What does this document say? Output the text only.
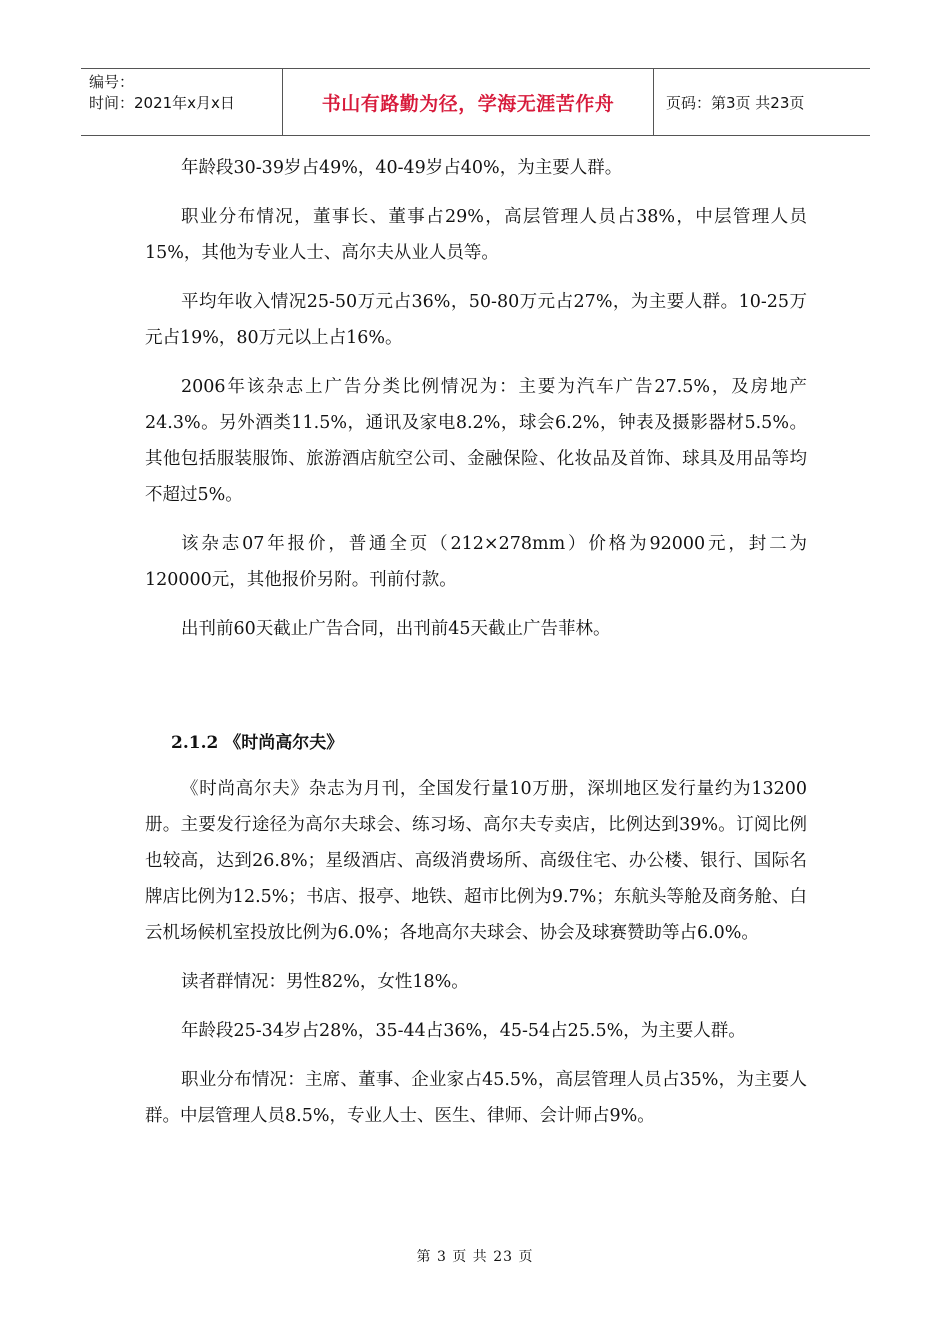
编号：
时间：2021年x月x日	书山有路勤为径，学海无涯苦作舟	页码：第3页 共23页

年龄段30-39岁占49%，40-49岁占40%，为主要人群。

职业分布情况，董事长、董事占29%，高层管理人员占38%，中层管理人员15%，其他为专业人士、高尔夫从业人员等。

平均年收入情况25-50万元占36%，50-80万元占27%，为主要人群。10-25万元占19%，80万元以上占16%。

2006年该杂志上广告分类比例情况为：主要为汽车广告27.5%，及房地产24.3%。另外酒类11.5%，通讯及家电8.2%，球会6.2%，钟表及摄影器材5.5%。其他包括服装服饰、旅游酒店航空公司、金融保险、化妆品及首饰、球具及用品等均不超过5%。

该杂志07年报价，普通全页（212×278mm）价格为92000元，封二为120000元，其他报价另附。刊前付款。

出刊前60天截止广告合同，出刊前45天截止广告菲林。

2.1.2 《时尚高尔夫》

《时尚高尔夫》杂志为月刊，全国发行量10万册，深圳地区发行量约为13200册。主要发行途径为高尔夫球会、练习场、高尔夫专卖店，比例达到39%。订阅比例也较高，达到26.8%；星级酒店、高级消费场所、高级住宅、办公楼、银行、国际名牌店比例为12.5%；书店、报亭、地铁、超市比例为9.7%；东航头等舱及商务舱、白云机场候机室投放比例为6.0%；各地高尔夫球会、协会及球赛赞助等占6.0%。

读者群情况：男性82%，女性18%。

年龄段25-34岁占28%，35-44占36%，45-54占25.5%，为主要人群。

职业分布情况：主席、董事、企业家占45.5%，高层管理人员占35%，为主要人群。中层管理人员8.5%，专业人士、医生、律师、会计师占9%。

第 3 页 共 23 页
